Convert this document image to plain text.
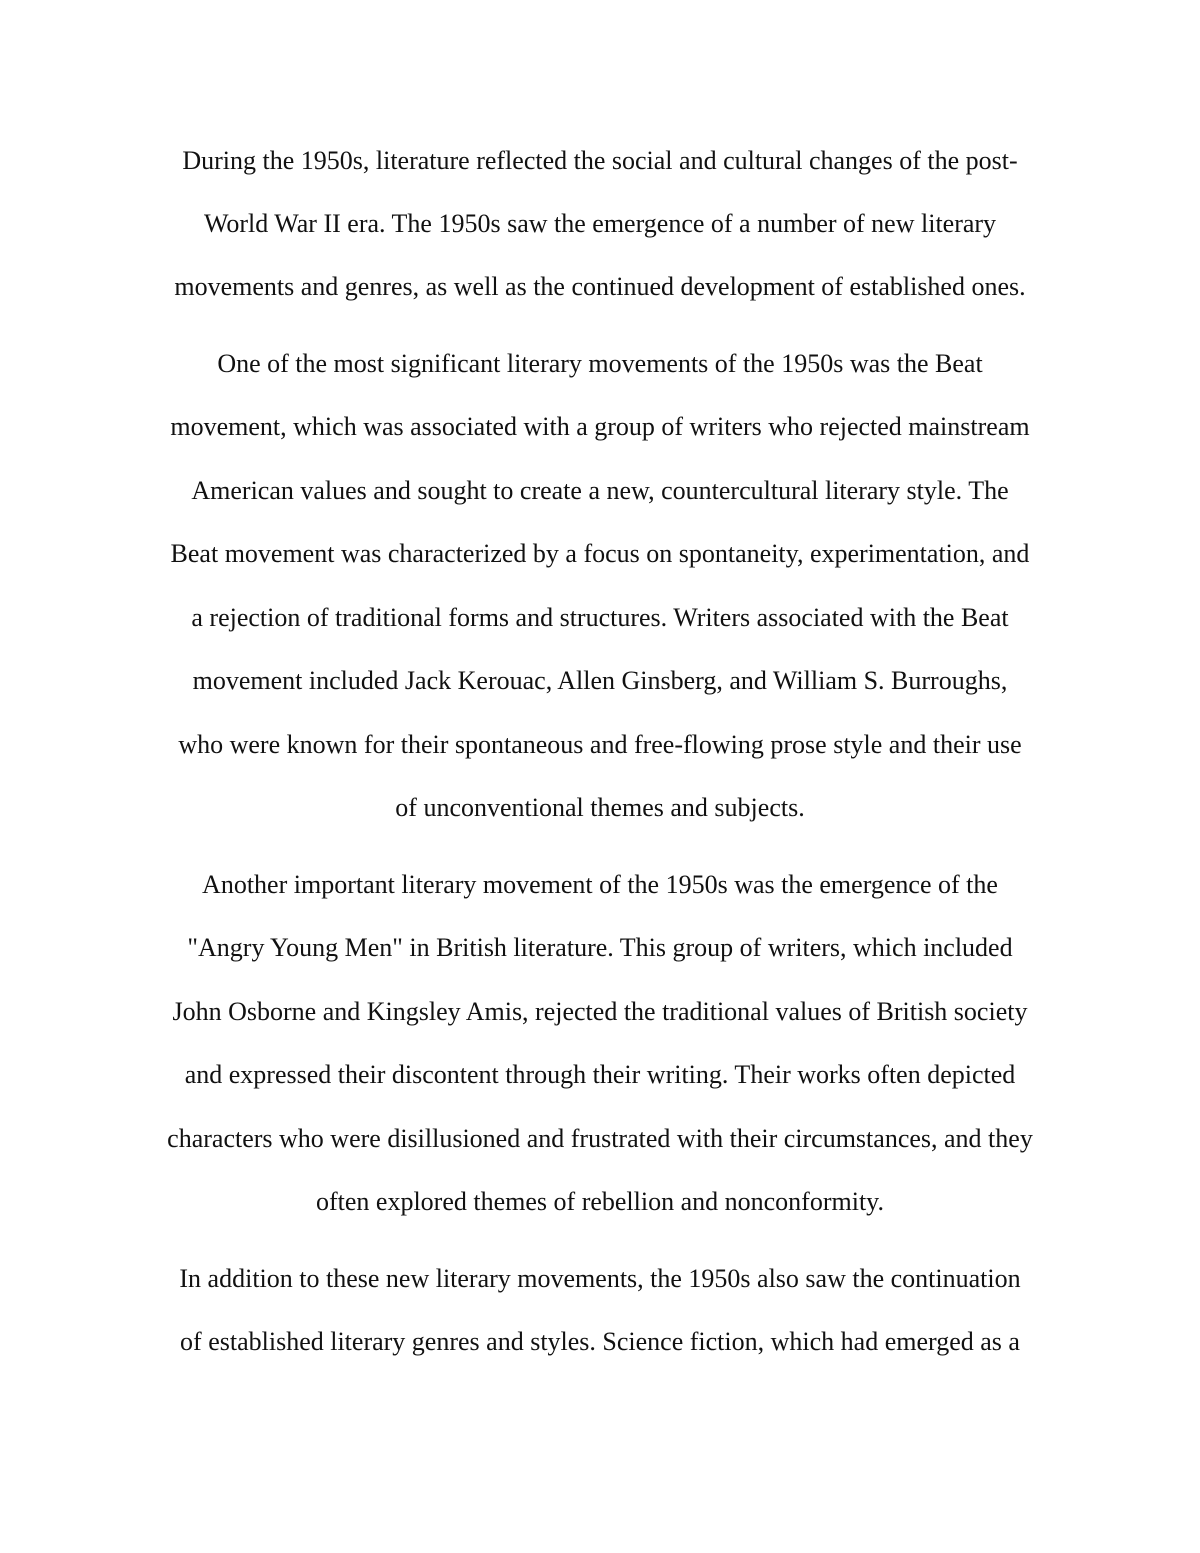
During the 1950s, literature reflected the social and cultural changes of the post-
World War II era. The 1950s saw the emergence of a number of new literary
movements and genres, as well as the continued development of established ones.
One of the most significant literary movements of the 1950s was the Beat
movement, which was associated with a group of writers who rejected mainstream
American values and sought to create a new, countercultural literary style. The
Beat movement was characterized by a focus on spontaneity, experimentation, and
a rejection of traditional forms and structures. Writers associated with the Beat
movement included Jack Kerouac, Allen Ginsberg, and William S. Burroughs,
who were known for their spontaneous and free-flowing prose style and their use
of unconventional themes and subjects.
Another important literary movement of the 1950s was the emergence of the
"Angry Young Men" in British literature. This group of writers, which included
John Osborne and Kingsley Amis, rejected the traditional values of British society
and expressed their discontent through their writing. Their works often depicted
characters who were disillusioned and frustrated with their circumstances, and they
often explored themes of rebellion and nonconformity.
In addition to these new literary movements, the 1950s also saw the continuation
of established literary genres and styles. Science fiction, which had emerged as a
